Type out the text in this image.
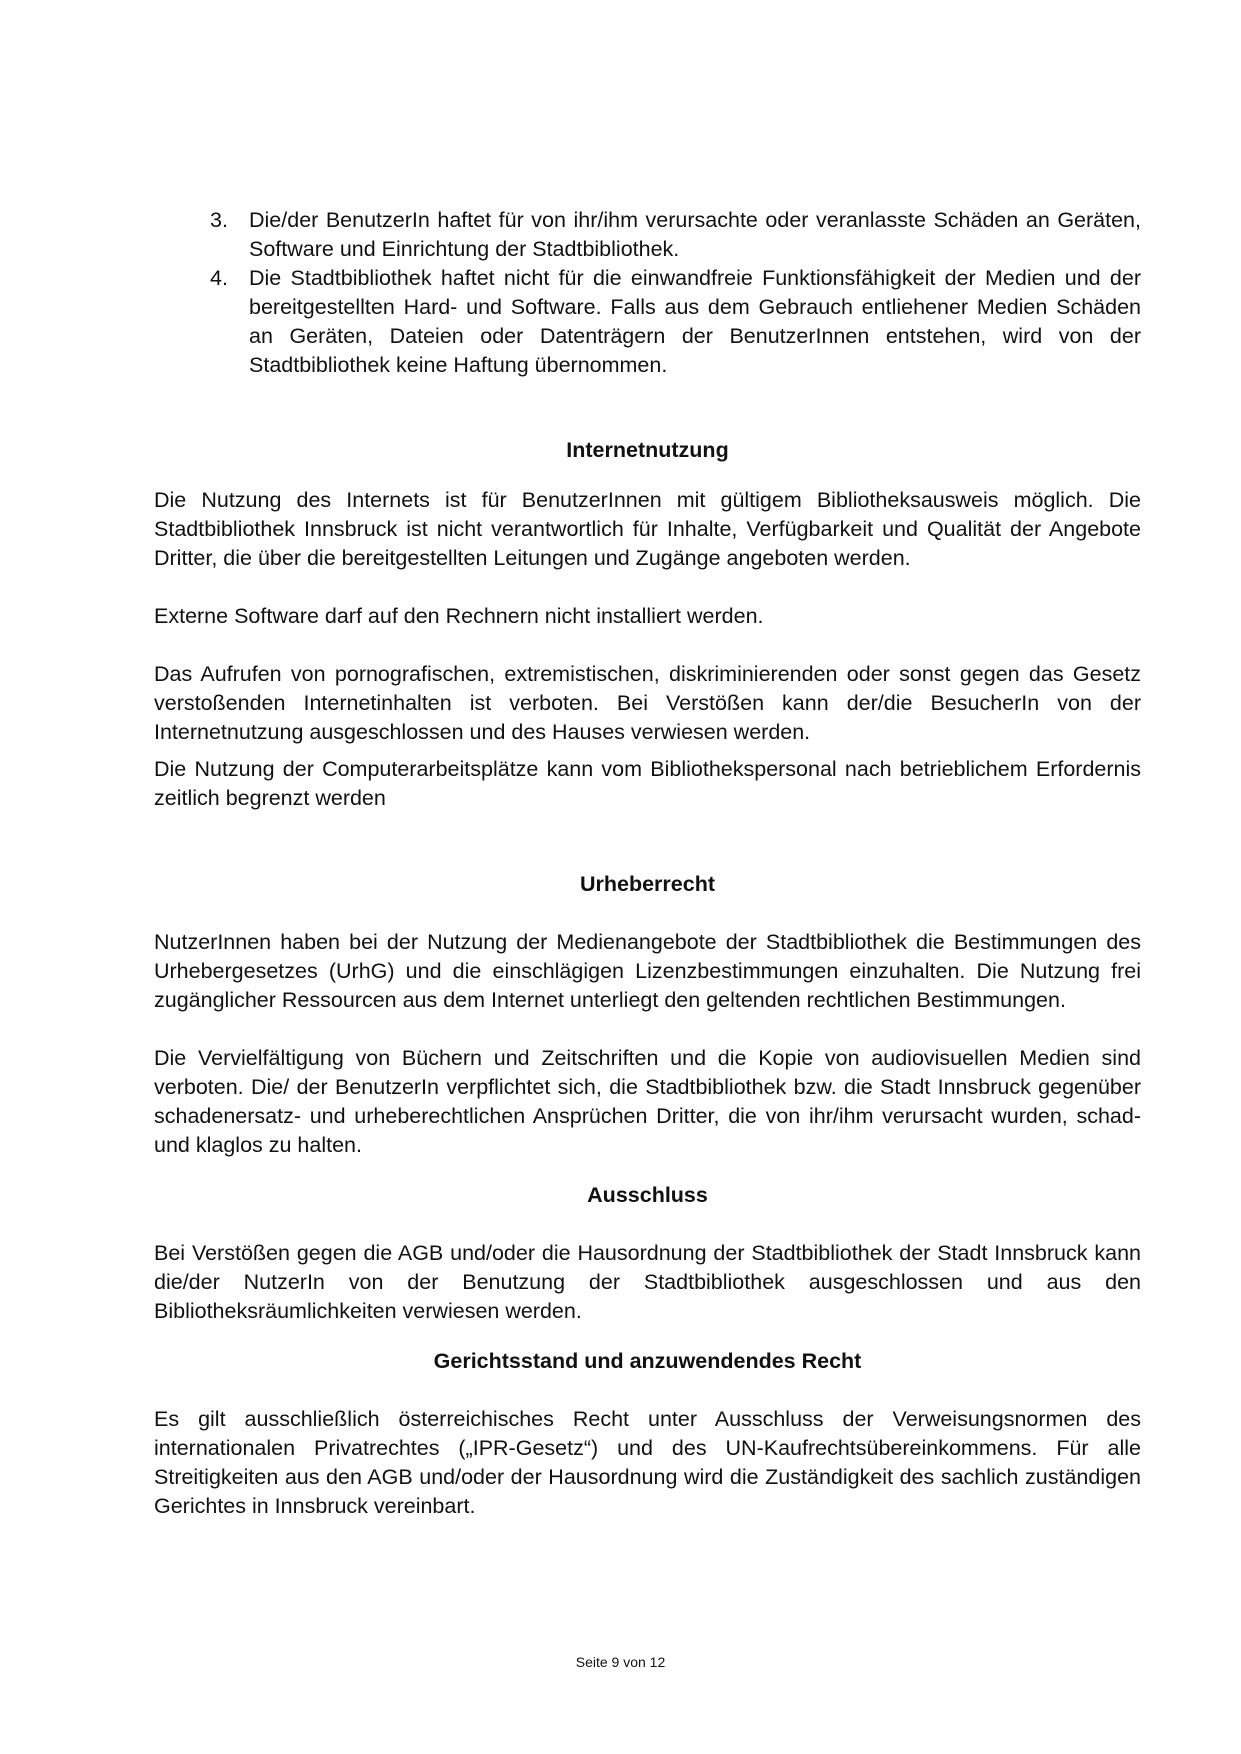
3. Die/der BenutzerIn haftet für von ihr/ihm verursachte oder veranlasste Schäden an Geräten, Software und Einrichtung der Stadtbibliothek.
4. Die Stadtbibliothek haftet nicht für die einwandfreie Funktionsfähigkeit der Medien und der bereitgestellten Hard- und Software. Falls aus dem Gebrauch entliehener Medien Schäden an Geräten, Dateien oder Datenträgern der BenutzerInnen entstehen, wird von der Stadtbibliothek keine Haftung übernommen.
Internetnutzung

Die Nutzung des Internets ist für BenutzerInnen mit gültigem Bibliotheksausweis möglich. Die Stadtbibliothek Innsbruck ist nicht verantwortlich für Inhalte, Verfügbarkeit und Qualität der Angebote Dritter, die über die bereitgestellten Leitungen und Zugänge angeboten werden.

Externe Software darf auf den Rechnern nicht installiert werden.

Das Aufrufen von pornografischen, extremistischen, diskriminierenden oder sonst gegen das Gesetz verstoßenden Internetinhalten ist verboten. Bei Verstößen kann der/die BesucherIn von der Internetnutzung ausgeschlossen und des Hauses verwiesen werden.

Die Nutzung der Computerarbeitsplätze kann vom Bibliothekspersonal nach betrieblichem Erfordernis zeitlich begrenzt werden

Urheberrecht

NutzerInnen haben bei der Nutzung der Medienangebote der Stadtbibliothek die Bestimmungen des Urhebergesetzes (UrhG) und die einschlägigen Lizenzbestimmungen einzuhalten. Die Nutzung frei zugänglicher Ressourcen aus dem Internet unterliegt den geltenden rechtlichen Bestimmungen.

Die Vervielfältigung von Büchern und Zeitschriften und die Kopie von audiovisuellen Medien sind verboten. Die/ der BenutzerIn verpflichtet sich, die Stadtbibliothek bzw. die Stadt Innsbruck gegenüber schadenersatz- und urheberechtlichen Ansprüchen Dritter, die von ihr/ihm verursacht wurden, schad- und klaglos zu halten.

Ausschluss

Bei Verstößen gegen die AGB und/oder die Hausordnung der Stadtbibliothek der Stadt Innsbruck kann die/der NutzerIn von der Benutzung der Stadtbibliothek ausgeschlossen und aus den Bibliotheksräumlichkeiten verwiesen werden.

Gerichtsstand und anzuwendendes Recht

Es gilt ausschließlich österreichisches Recht unter Ausschluss der Verweisungsnormen des internationalen Privatrechtes („IPR-Gesetz“) und des UN-Kaufrechtsübereinkommens. Für alle Streitigkeiten aus den AGB und/oder der Hausordnung wird die Zuständigkeit des sachlich zuständigen Gerichtes in Innsbruck vereinbart.

Seite 9 von 12
